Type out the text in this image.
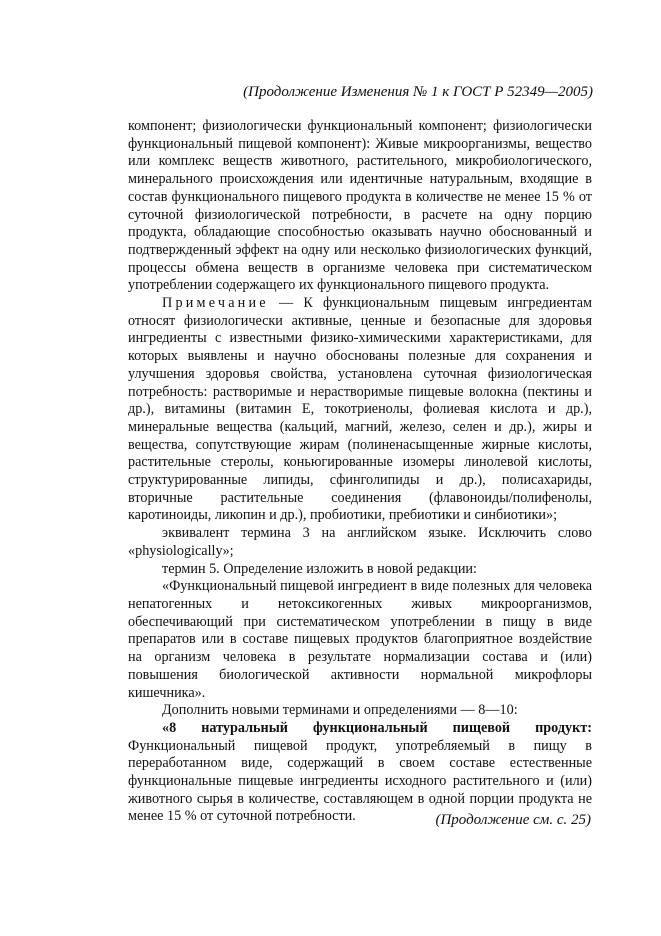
(Продолжение Изменения № 1 к ГОСТ Р 52349—2005)

компонент; физиологически функциональный компонент; физиологически функциональный пищевой компонент): Живые микроорганизмы, вещество или комплекс веществ животного, растительного, микробиологического, минерального происхождения или идентичные натуральным, входящие в состав функционального пищевого продукта в количестве не менее 15 % от суточной физиологической потребности, в расчете на одну порцию продукта, обладающие способностью оказывать научно обоснованный и подтвержденный эффект на одну или несколько физиологических функций, процессы обмена веществ в организме человека при систематическом употреблении содержащего их функционального пищевого продукта.

Примечание — К функциональным пищевым ингредиентам относят физиологически активные, ценные и безопасные для здоровья ингредиенты с известными физико-химическими характеристиками, для которых выявлены и научно обоснованы полезные для сохранения и улучшения здоровья свойства, установлена суточная физиологическая потребность: растворимые и нерастворимые пищевые волокна (пектины и др.), витамины (витамин Е, токотриенолы, фолиевая кислота и др.), минеральные вещества (кальций, магний, железо, селен и др.), жиры и вещества, сопутствующие жирам (полиненасыщенные жирные кислоты, растительные стеролы, коньюгированные изомеры линолевой кислоты, структурированные липиды, сфинголипиды и др.), полисахариды, вторичные растительные соединения (флавоноиды/полифенолы, каротиноиды, ликопин и др.), пробиотики, пребиотики и синбиотики»;

эквивалент термина 3 на английском языке. Исключить слово «physiologically»;

термин 5. Определение изложить в новой редакции:

«Функциональный пищевой ингредиент в виде полезных для человека непатогенных и нетоксикогенных живых микроорганизмов, обеспечивающий при систематическом употреблении в пищу в виде препаратов или в составе пищевых продуктов благоприятное воздействие на организм человека в результате нормализации состава и (или) повышения биологической активности нормальной микрофлоры кишечника».

Дополнить новыми терминами и определениями — 8—10:

«8 натуральный функциональный пищевой продукт: Функциональный пищевой продукт, употребляемый в пищу в переработанном виде, содержащий в своем составе естественные функциональные пищевые ингредиенты исходного растительного и (или) животного сырья в количестве, составляющем в одной порции продукта не менее 15 % от суточной потребности.	(Продолжение см. с. 25)
